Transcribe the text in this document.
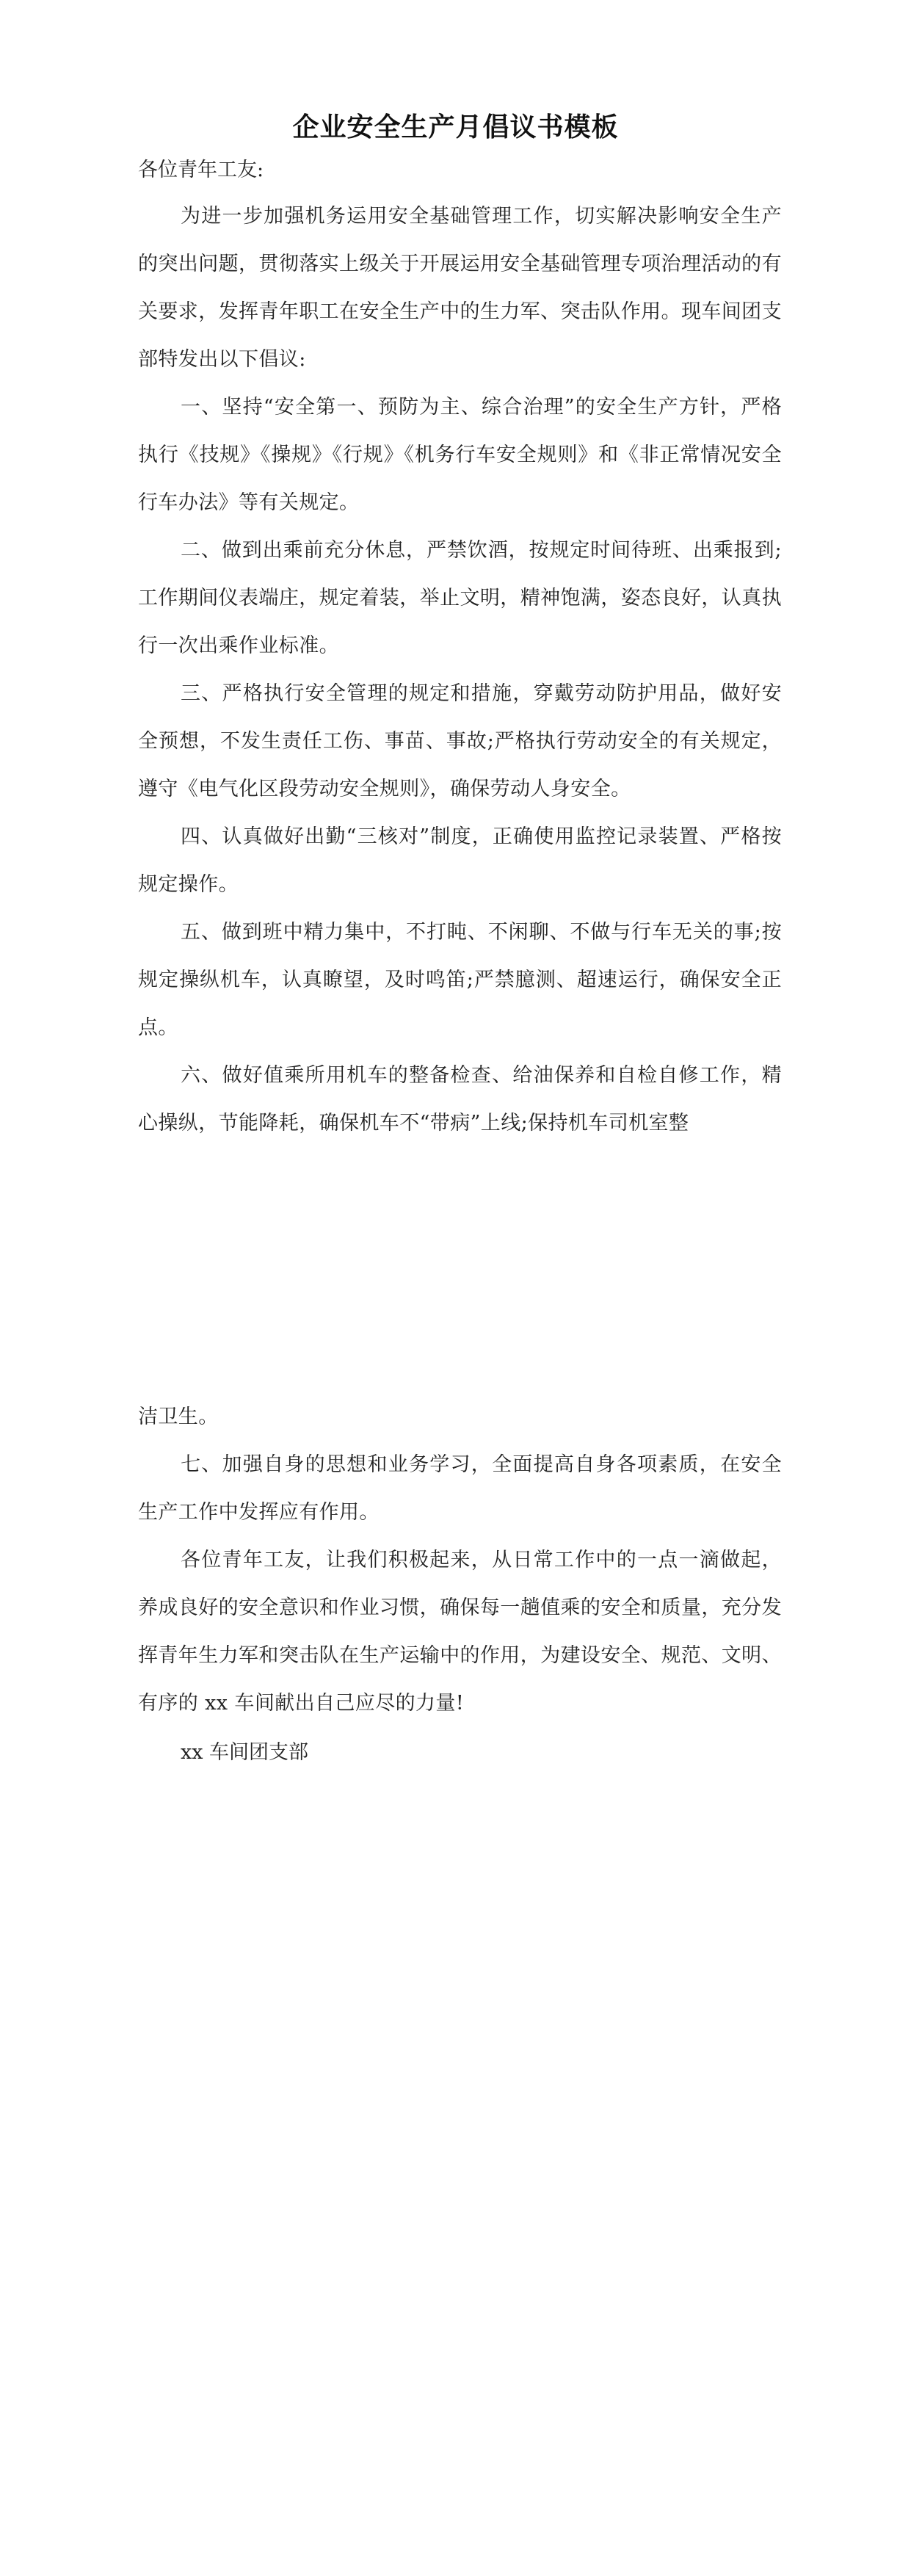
企业安全生产月倡议书模板

各位青年工友:

为进一步加强机务运用安全基础管理工作，切实解决影响安全生产的突出问题，贯彻落实上级关于开展运用安全基础管理专项治理活动的有关要求，发挥青年职工在安全生产中的生力军、突击队作用。现车间团支部特发出以下倡议:

一、坚持“安全第一、预防为主、综合治理”的安全生产方针，严格执行《技规》《操规》《行规》《机务行车安全规则》和《非正常情况安全行车办法》等有关规定。

二、做到出乘前充分休息，严禁饮酒，按规定时间待班、出乘报到;工作期间仪表端庄，规定着装，举止文明，精神饱满，姿态良好，认真执行一次出乘作业标准。

三、严格执行安全管理的规定和措施，穿戴劳动防护用品，做好安全预想，不发生责任工伤、事苗、事故;严格执行劳动安全的有关规定，遵守《电气化区段劳动安全规则》，确保劳动人身安全。

四、认真做好出勤“三核对”制度，正确使用监控记录装置、严格按规定操作。

五、做到班中精力集中，不打盹、不闲聊、不做与行车无关的事;按规定操纵机车，认真瞭望，及时鸣笛;严禁臆测、超速运行，确保安全正点。

六、做好值乘所用机车的整备检查、给油保养和自检自修工作，精心操纵，节能降耗，确保机车不“带病”上线;保持机车司机室整

洁卫生。

七、加强自身的思想和业务学习，全面提高自身各项素质，在安全生产工作中发挥应有作用。

各位青年工友，让我们积极起来，从日常工作中的一点一滴做起，养成良好的安全意识和作业习惯，确保每一趟值乘的安全和质量，充分发挥青年生力军和突击队在生产运输中的作用，为建设安全、规范、文明、有序的 xx 车间献出自己应尽的力量!

xx 车间团支部
